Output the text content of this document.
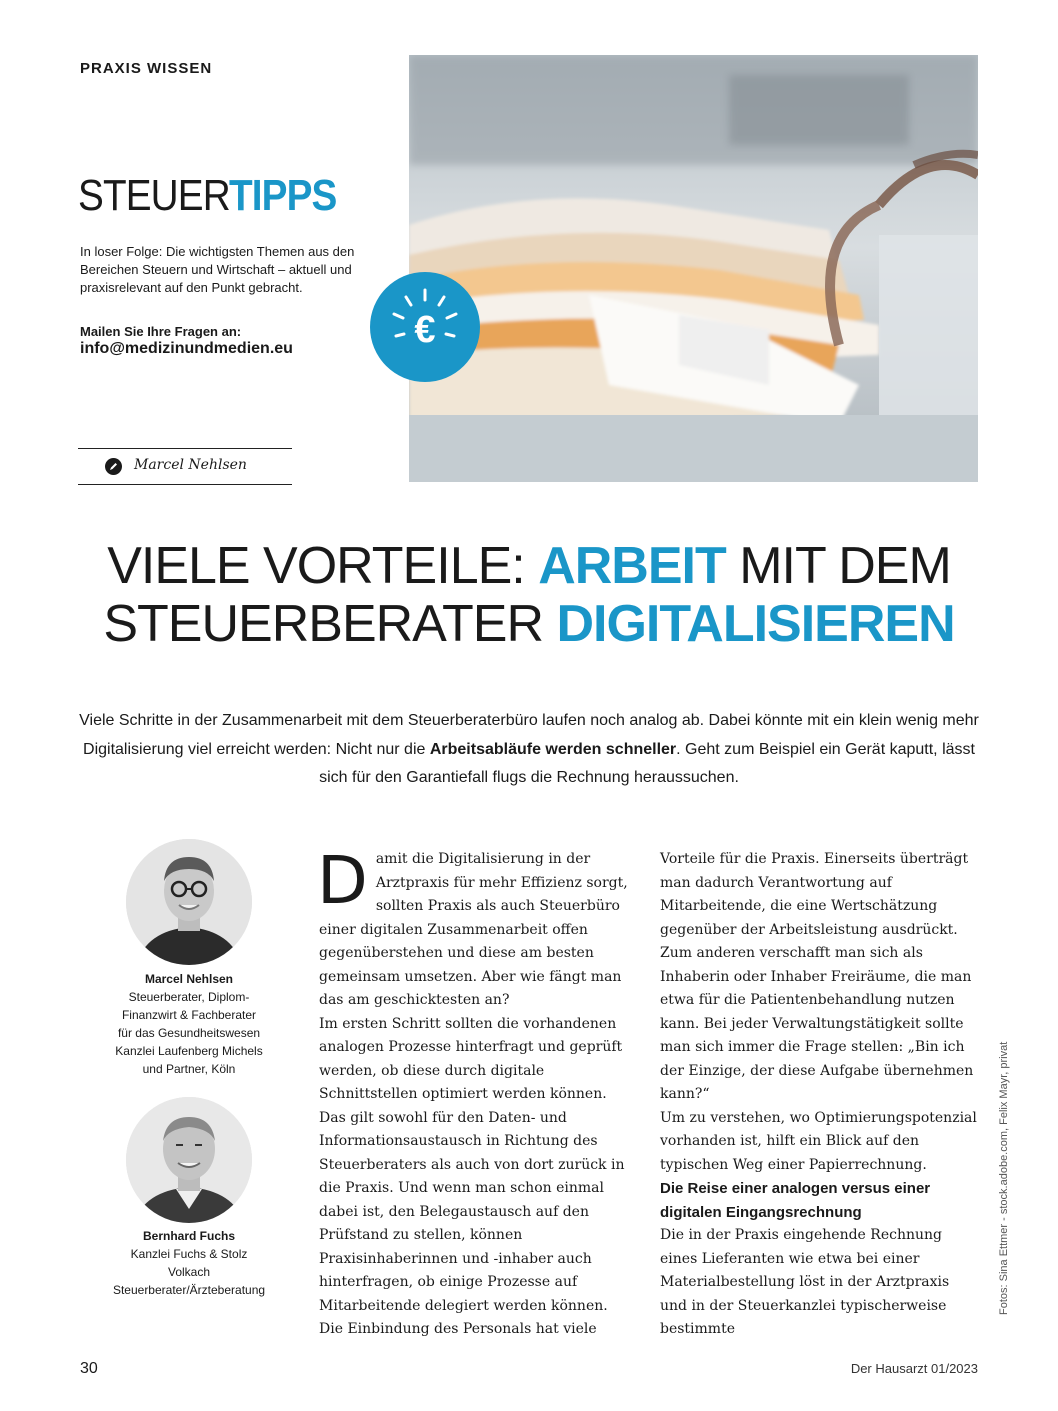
PRAXIS WISSEN
STEUERTIPPS
In loser Folge: Die wichtigsten Themen aus den Bereichen Steuern und Wirtschaft – aktuell und praxisrelevant auf den Punkt gebracht.
Mailen Sie Ihre Fragen an:
info@medizinundmedien.eu
Marcel Nehlsen
€
VIELE VORTEILE: ARBEIT MIT DEM
STEUERBERATER DIGITALISIEREN
Viele Schritte in der Zusammenarbeit mit dem Steuerberaterbüro laufen noch analog ab. Dabei könnte mit ein klein wenig mehr Digitalisierung viel erreicht werden: Nicht nur die Arbeitsabläufe werden schneller. Geht zum Beispiel ein Gerät kaputt, lässt sich für den Garantiefall flugs die Rechnung heraussuchen.
Marcel Nehlsen
Steuerberater, Diplom-
Finanzwirt & Fachberater
für das Gesundheitswesen
Kanzlei Laufenberg Michels
und Partner, Köln
Bernhard Fuchs
Kanzlei Fuchs & Stolz
Volkach
Steuerberater/Ärzteberatung

Damit die Digitalisierung in der Arztpraxis für mehr Effizienz sorgt, sollten Praxis als auch Steuerbüro einer digitalen Zusammenarbeit offen gegenüberstehen und diese am besten gemeinsam umsetzen. Aber wie fängt man das am geschicktesten an?

Im ersten Schritt sollten die vorhandenen analogen Prozesse hinterfragt und geprüft werden, ob diese durch digitale Schnittstellen optimiert werden können. Das gilt sowohl für den Daten- und Informationsaustausch in Richtung des Steuerberaters als auch von dort zurück in die Praxis. Und wenn man schon einmal dabei ist, den Belegaustausch auf den Prüfstand zu stellen, können Praxisinhaberinnen und -inhaber auch hinterfragen, ob einige Prozesse auf Mitarbeitende delegiert werden können.

Die Einbindung des Personals hat viele

Vorteile für die Praxis. Einerseits überträgt man dadurch Verantwortung auf Mitarbeitende, die eine Wertschätzung gegenüber der Arbeitsleistung ausdrückt. Zum anderen verschafft man sich als Inhaberin oder Inhaber Freiräume, die man etwa für die Patientenbehandlung nutzen kann. Bei jeder Verwaltungstätigkeit sollte man sich immer die Frage stellen: „Bin ich der Einzige, der diese Aufgabe übernehmen kann?“

Um zu verstehen, wo Optimierungspotenzial vorhanden ist, hilft ein Blick auf den typischen Weg einer Papierrechnung.

Die Reise einer analogen versus einer digitalen Eingangsrechnung

Die in der Praxis eingehende Rechnung eines Lieferanten wie etwa bei einer Materialbestellung löst in der Arztpraxis und in der Steuerkanzlei typischerweise bestimmte

Fotos: Sina Ettmer - stock.adobe.com, Felix Mayr, privat
30	Der Hausarzt 01/2023
